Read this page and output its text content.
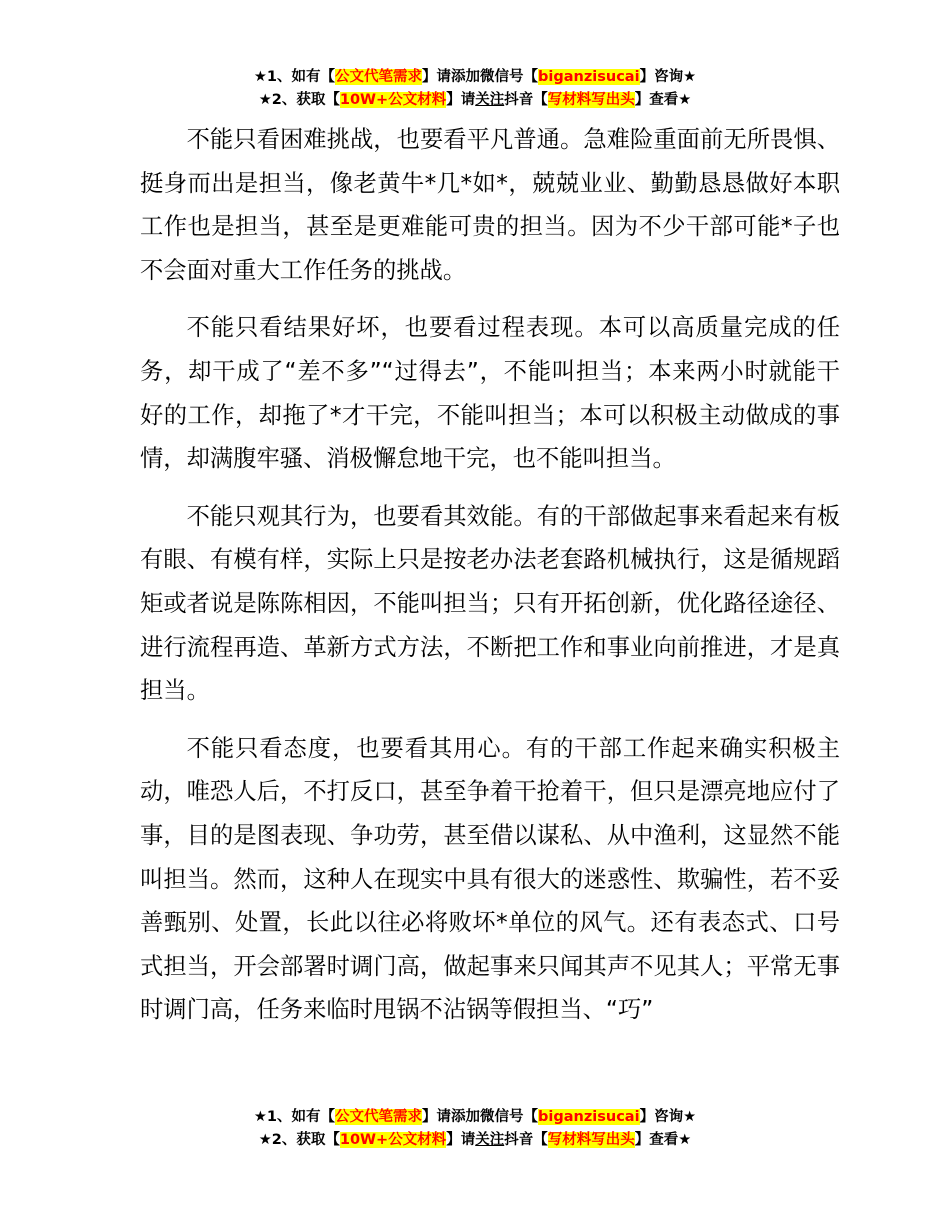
★1、如有【公文代笔需求】请添加微信号【biganzisucai】咨询★
★2、获取【10W+公文材料】请关注抖音【写材料写出头】查看★

不能只看困难挑战，也要看平凡普通。急难险重面前无所畏惧、挺身而出是担当，像老黄牛*几*如*，兢兢业业、勤勤恳恳做好本职工作也是担当，甚至是更难能可贵的担当。因为不少干部可能*子也不会面对重大工作任务的挑战。

不能只看结果好坏，也要看过程表现。本可以高质量完成的任务，却干成了“差不多”“过得去”，不能叫担当；本来两小时就能干好的工作，却拖了*才干完，不能叫担当；本可以积极主动做成的事情，却满腹牢骚、消极懈怠地干完，也不能叫担当。

不能只观其行为，也要看其效能。有的干部做起事来看起来有板有眼、有模有样，实际上只是按老办法老套路机械执行，这是循规蹈矩或者说是陈陈相因，不能叫担当；只有开拓创新，优化路径途径、进行流程再造、革新方式方法，不断把工作和事业向前推进，才是真担当。

不能只看态度，也要看其用心。有的干部工作起来确实积极主动，唯恐人后，不打反口，甚至争着干抢着干，但只是漂亮地应付了事，目的是图表现、争功劳，甚至借以谋私、从中渔利，这显然不能叫担当。然而，这种人在现实中具有很大的迷惑性、欺骗性，若不妥善甄别、处置，长此以往必将败坏*单位的风气。还有表态式、口号式担当，开会部署时调门高，做起事来只闻其声不见其人；平常无事时调门高，任务来临时甩锅不沾锅等假担当、“巧”

★1、如有【公文代笔需求】请添加微信号【biganzisucai】咨询★
★2、获取【10W+公文材料】请关注抖音【写材料写出头】查看★
